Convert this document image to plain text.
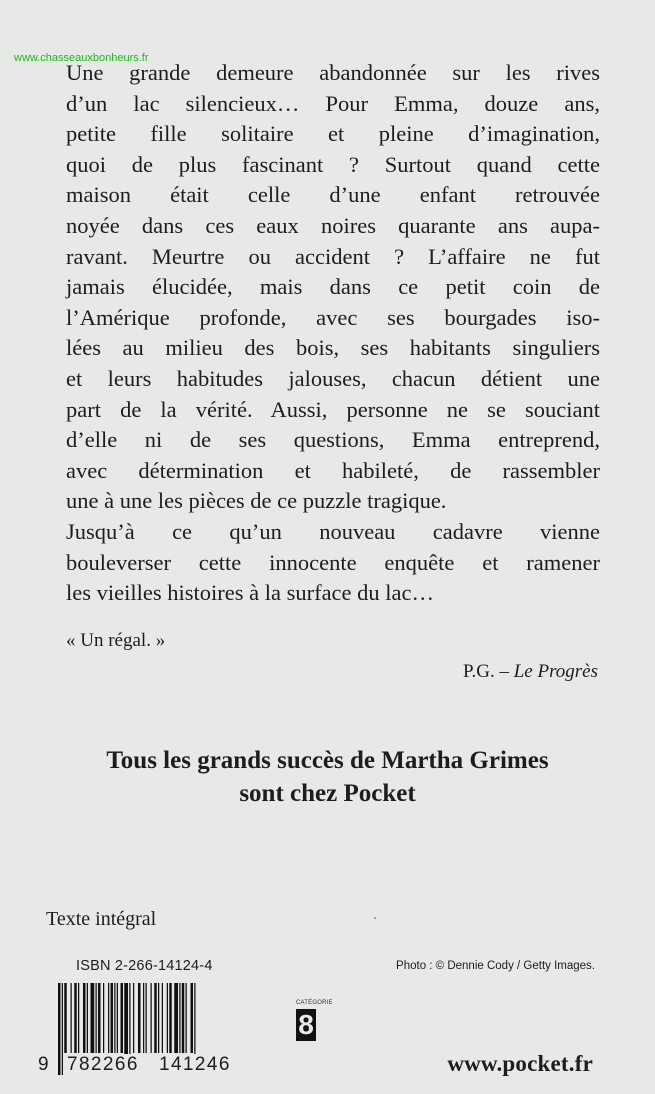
www.chasseauxbonheurs.fr
Une grande demeure abandonnée sur les rives
d’un lac silencieux… Pour Emma, douze ans,
petite fille solitaire et pleine d’imagination,
quoi de plus fascinant ? Surtout quand cette
maison était celle d’une enfant retrouvée
noyée dans ces eaux noires quarante ans aupa-
ravant. Meurtre ou accident ? L’affaire ne fut
jamais élucidée, mais dans ce petit coin de
l’Amérique profonde, avec ses bourgades iso-
lées au milieu des bois, ses habitants singuliers
et leurs habitudes jalouses, chacun détient une
part de la vérité. Aussi, personne ne se souciant
d’elle ni de ses questions, Emma entreprend,
avec détermination et habileté, de rassembler
une à une les pièces de ce puzzle tragique.
Jusqu’à ce qu’un nouveau cadavre vienne
bouleverser cette innocente enquête et ramener
les vieilles histoires à la surface du lac…
« Un régal. »
P.G. – Le Progrès
Tous les grands succès de Martha Grimes
sont chez Pocket
Texte intégral	'
ISBN 2-266-14124-4	Photo : © Dennie Cody / Getty Images.
9 782266 141246
CATÉGORIE
8
www.pocket.fr
